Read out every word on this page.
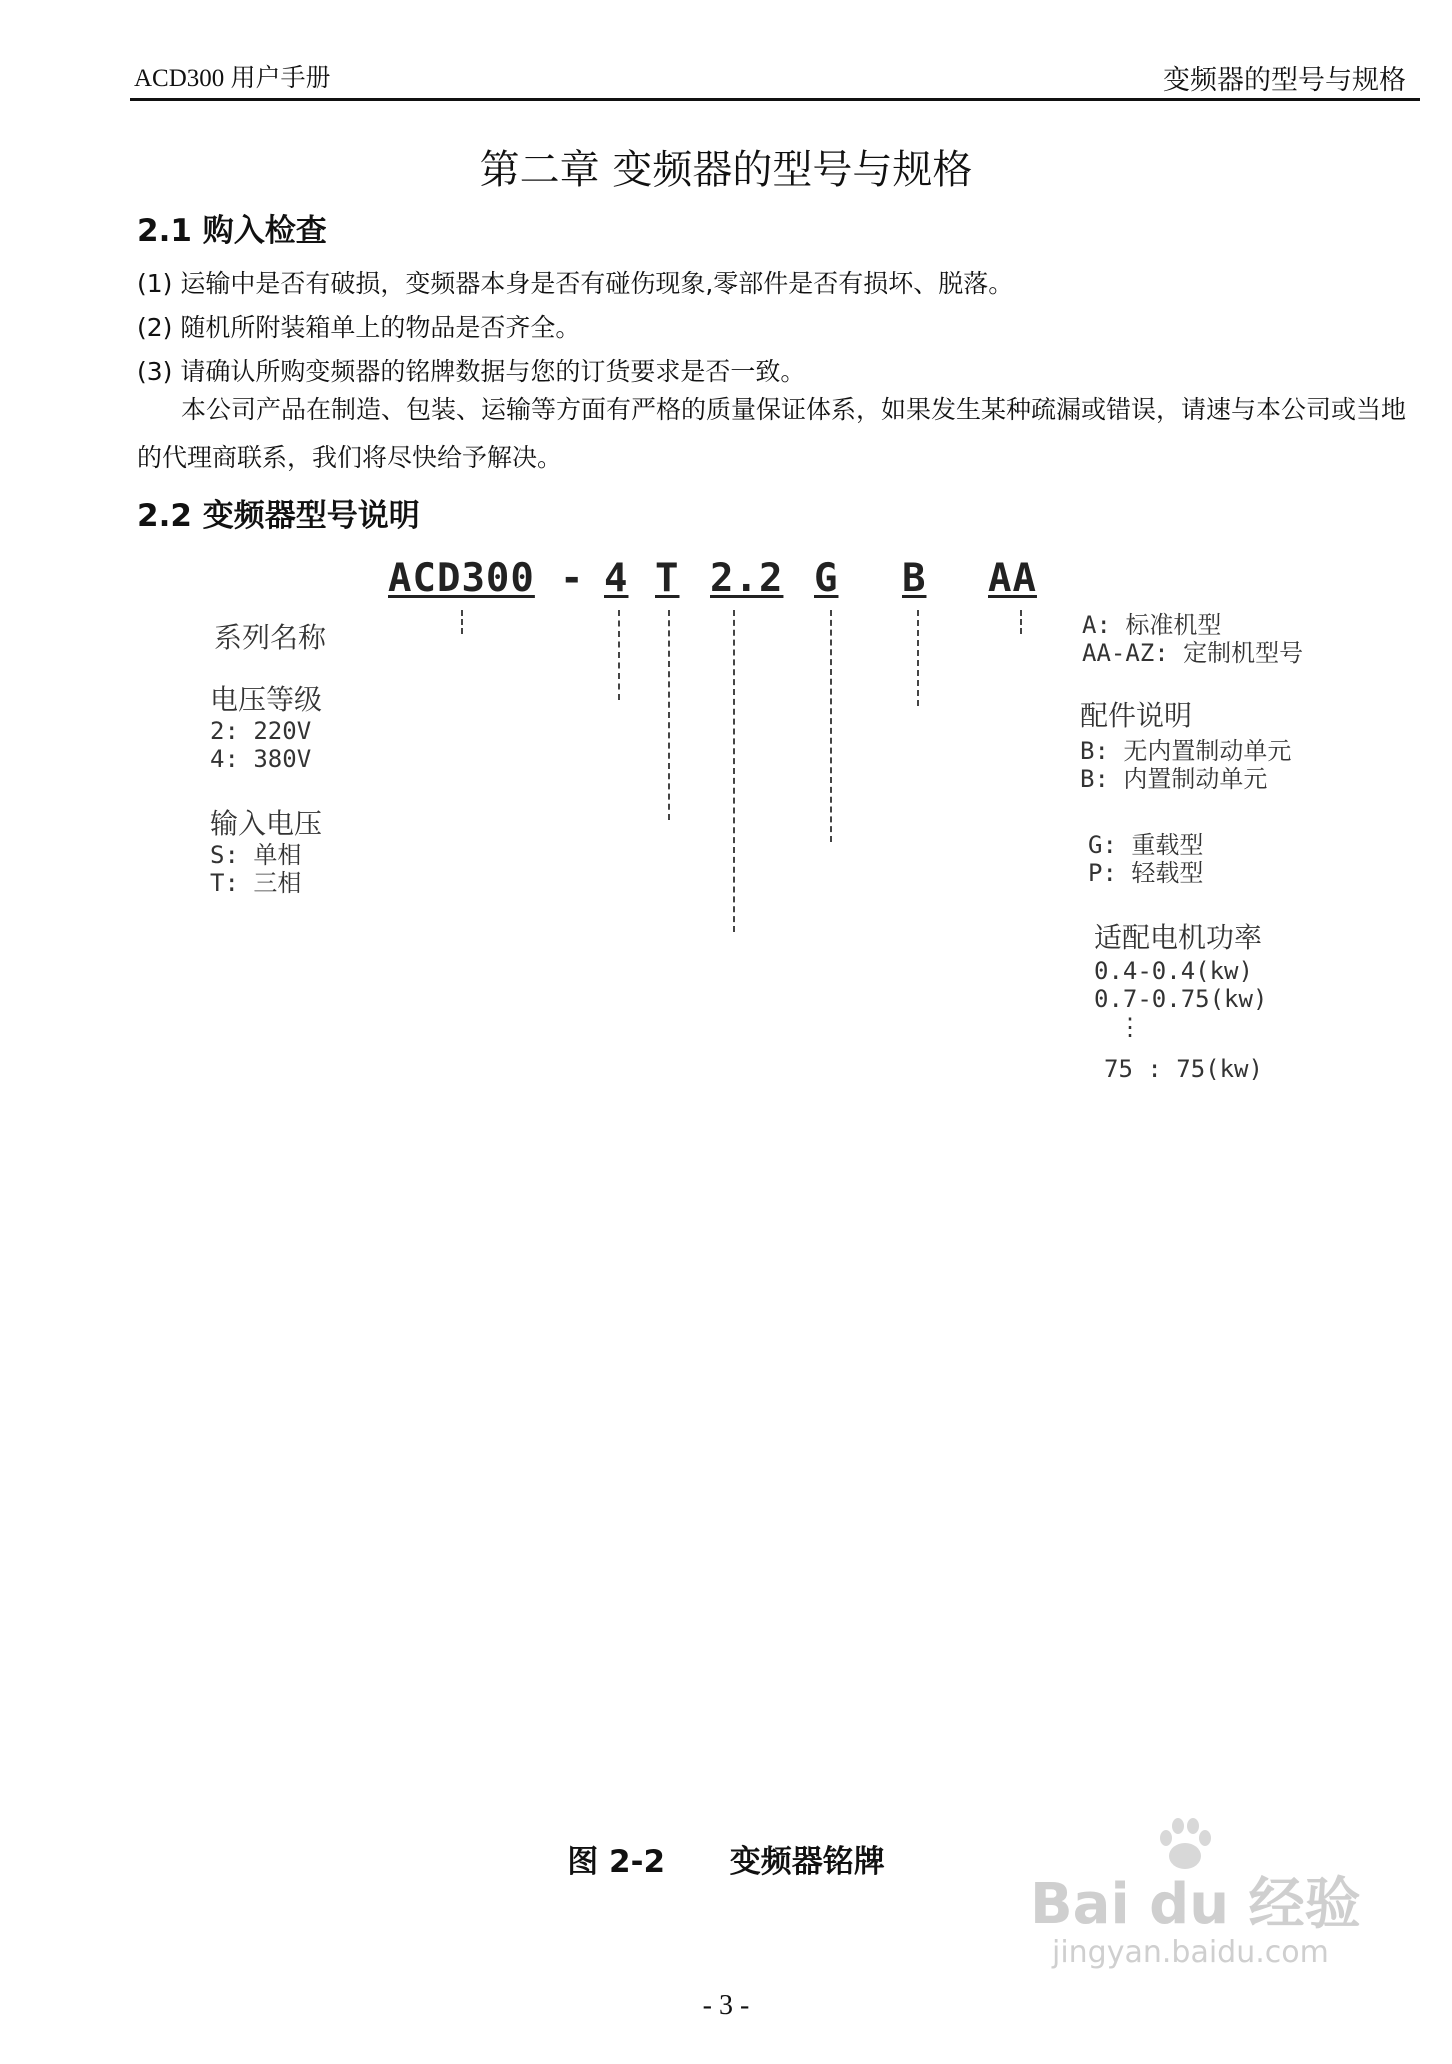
ACD300 用户手册	变频器的型号与规格
第二章 变频器的型号与规格
2.1 购入检查
(1) 运输中是否有破损，变频器本身是否有碰伤现象,零部件是否有损坏、脱落。
(2) 随机所附装箱单上的物品是否齐全。
(3) 请确认所购变频器的铭牌数据与您的订货要求是否一致。
本公司产品在制造、包装、运输等方面有严格的质量保证体系，如果发生某种疏漏或错误，请速与本公司或当地的代理商联系，我们将尽快给予解决。
2.2 变频器型号说明
ACD300 - 4 T 2.2 G B AA
系列名称
电压等级
2: 220V
4: 380V
输入电压
S: 单相
T: 三相
A: 标准机型
AA-AZ: 定制机型号
配件说明
B: 无内置制动单元
B: 内置制动单元
G: 重载型
P: 轻载型
适配电机功率
0.4-0.4(kw)
0.7-0.75(kw)
⋮
75 : 75(kw)
图 2-2      变频器铭牌
Bai du 经验
jingyan.baidu.com
- 3 -
